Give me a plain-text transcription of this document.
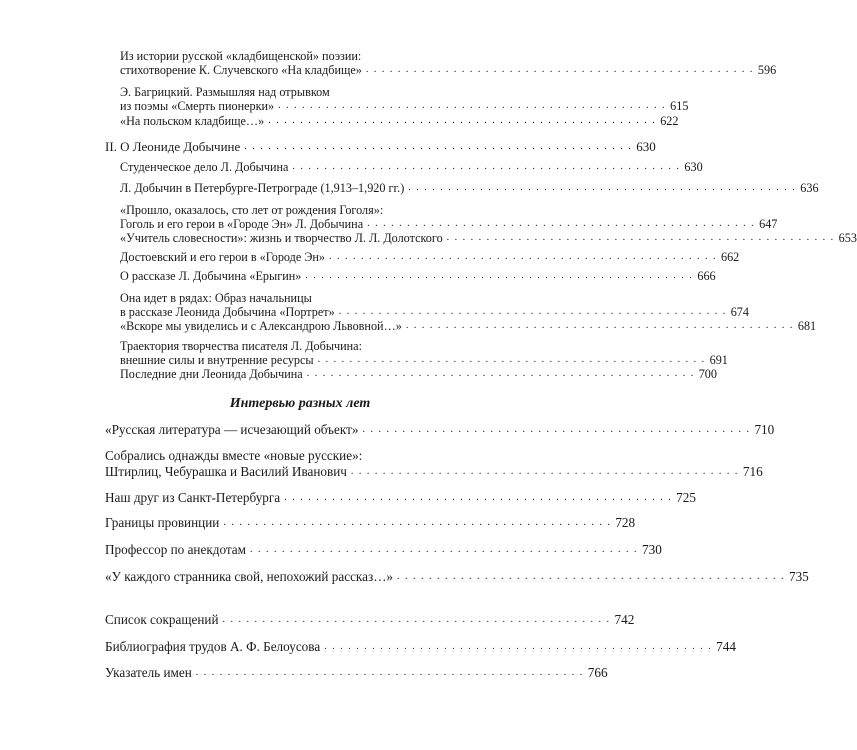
Из истории русской «кладбищенской» поэзии:
стихотворение К. Случевского «На кладбище» . . . . . . . . . . . . . . . . . . . . . . . . . . . . . . . . . . . . . . . . . . . . . . . . . 596
Э. Багрицкий. Размышляя над отрывком
из поэмы «Смерть пионерки» . . . . . . . . . . . . . . . . . . . . . . . . . . . . . . . . . . . . . . . . . . . . . . . . . 615
«На польском кладбище…» . . . . . . . . . . . . . . . . . . . . . . . . . . . . . . . . . . . . . . . . . . . . . . . . . 622
II. О Леониде Добычине . . . . . . . . . . . . . . . . . . . . . . . . . . . . . . . . . . . . . . . . . . . . . . . . . 630
Студенческое дело Л. Добычина . . . . . . . . . . . . . . . . . . . . . . . . . . . . . . . . . . . . . . . . . . . . . . . . . 630
Л. Добычин в Петербурге-Петрограде (1,913–1,920 гг.) . . . . . . . . . . . . . . . . . . . . . . . . . . . . . . . . . . . . . . . . . . . . . . . . . 636
«Прошло, оказалось, сто лет от рождения Гоголя»:
Гоголь и его герои в «Городе Эн» Л. Добычина . . . . . . . . . . . . . . . . . . . . . . . . . . . . . . . . . . . . . . . . . . . . . . . . . 647
«Учитель словесности»: жизнь и творчество Л. Л. Долотского . . . . . . . . . . . . . . . . . . . . . . . . . . . . . . . . . . . . . . . . . . . . . . . . . 653
Достоевский и его герои в «Городе Эн» . . . . . . . . . . . . . . . . . . . . . . . . . . . . . . . . . . . . . . . . . . . . . . . . . 662
О рассказе Л. Добычина «Ерыгин» . . . . . . . . . . . . . . . . . . . . . . . . . . . . . . . . . . . . . . . . . . . . . . . . . 666
Она идет в рядах: Образ начальницы
в рассказе Леонида Добычина «Портрет» . . . . . . . . . . . . . . . . . . . . . . . . . . . . . . . . . . . . . . . . . . . . . . . . . 674
«Вскоре мы увиделись и с Александрою Львовной…» . . . . . . . . . . . . . . . . . . . . . . . . . . . . . . . . . . . . . . . . . . . . . . . . . 681
Траектория творчества писателя Л. Добычина:
внешние силы и внутренние ресурсы . . . . . . . . . . . . . . . . . . . . . . . . . . . . . . . . . . . . . . . . . . . . . . . . . 691
Последние дни Леонида Добычина . . . . . . . . . . . . . . . . . . . . . . . . . . . . . . . . . . . . . . . . . . . . . . . . . 700
Интервью разных лет
«Русская литература — исчезающий объект» . . . . . . . . . . . . . . . . . . . . . . . . . . . . . . . . . . . . . . . . . . . . . . . . . 710
Собрались однажды вместе «новые русские»:
Штирлиц, Чебурашка и Василий Иванович . . . . . . . . . . . . . . . . . . . . . . . . . . . . . . . . . . . . . . . . . . . . . . . . . 716
Наш друг из Санкт-Петербурга . . . . . . . . . . . . . . . . . . . . . . . . . . . . . . . . . . . . . . . . . . . . . . . . . 725
Границы провинции . . . . . . . . . . . . . . . . . . . . . . . . . . . . . . . . . . . . . . . . . . . . . . . . . 728
Профессор по анекдотам . . . . . . . . . . . . . . . . . . . . . . . . . . . . . . . . . . . . . . . . . . . . . . . . . 730
«У каждого странника свой, непохожий рассказ…» . . . . . . . . . . . . . . . . . . . . . . . . . . . . . . . . . . . . . . . . . . . . . . . . . 735
Список сокращений . . . . . . . . . . . . . . . . . . . . . . . . . . . . . . . . . . . . . . . . . . . . . . . . . 742
Библиография трудов А. Ф. Белоусова . . . . . . . . . . . . . . . . . . . . . . . . . . . . . . . . . . . . . . . . . . . . . . . . . 744
Указатель имен . . . . . . . . . . . . . . . . . . . . . . . . . . . . . . . . . . . . . . . . . . . . . . . . . 766
